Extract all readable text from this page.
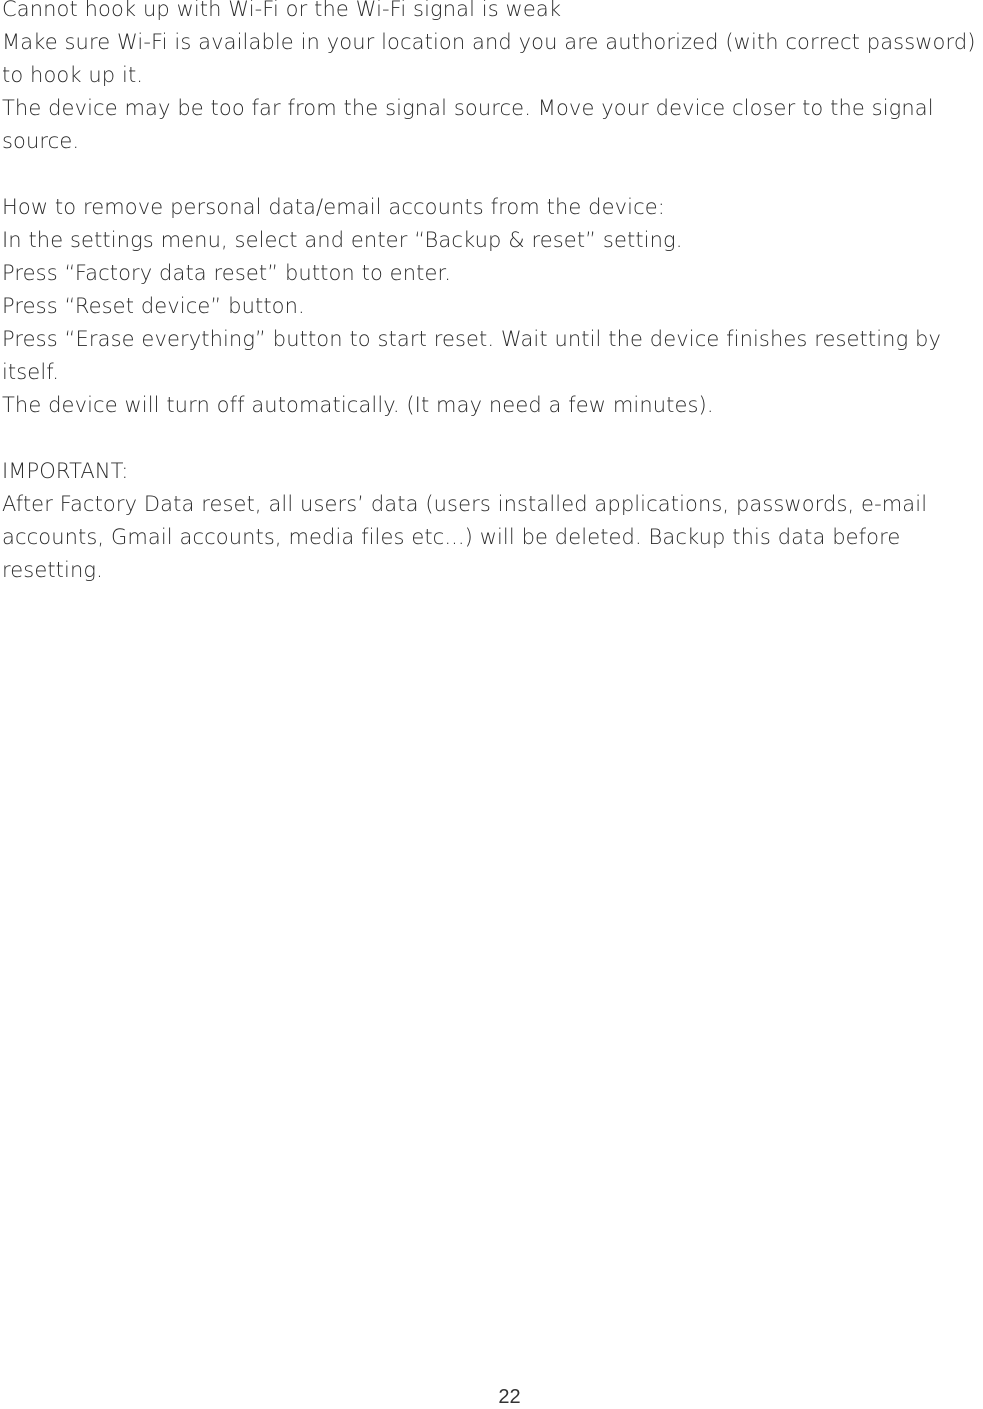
Cannot hook up with Wi-Fi or the Wi-Fi signal is weak

Make sure Wi-Fi is available in your location and you are authorized (with correct password) to hook up it.

The device may be too far from the signal source. Move your device closer to the signal source.

How to remove personal data/email accounts from the device:

In the settings menu, select and enter “Backup & reset” setting.

Press “Factory data reset” button to enter.

Press “Reset device” button.

Press “Erase everything” button to start reset. Wait until the device finishes resetting by itself.

The device will turn off automatically. (It may need a few minutes).

IMPORTANT:

After Factory Data reset, all users’ data (users installed applications, passwords, e-mail accounts, Gmail accounts, media files etc...) will be deleted. Backup this data before resetting.

22
